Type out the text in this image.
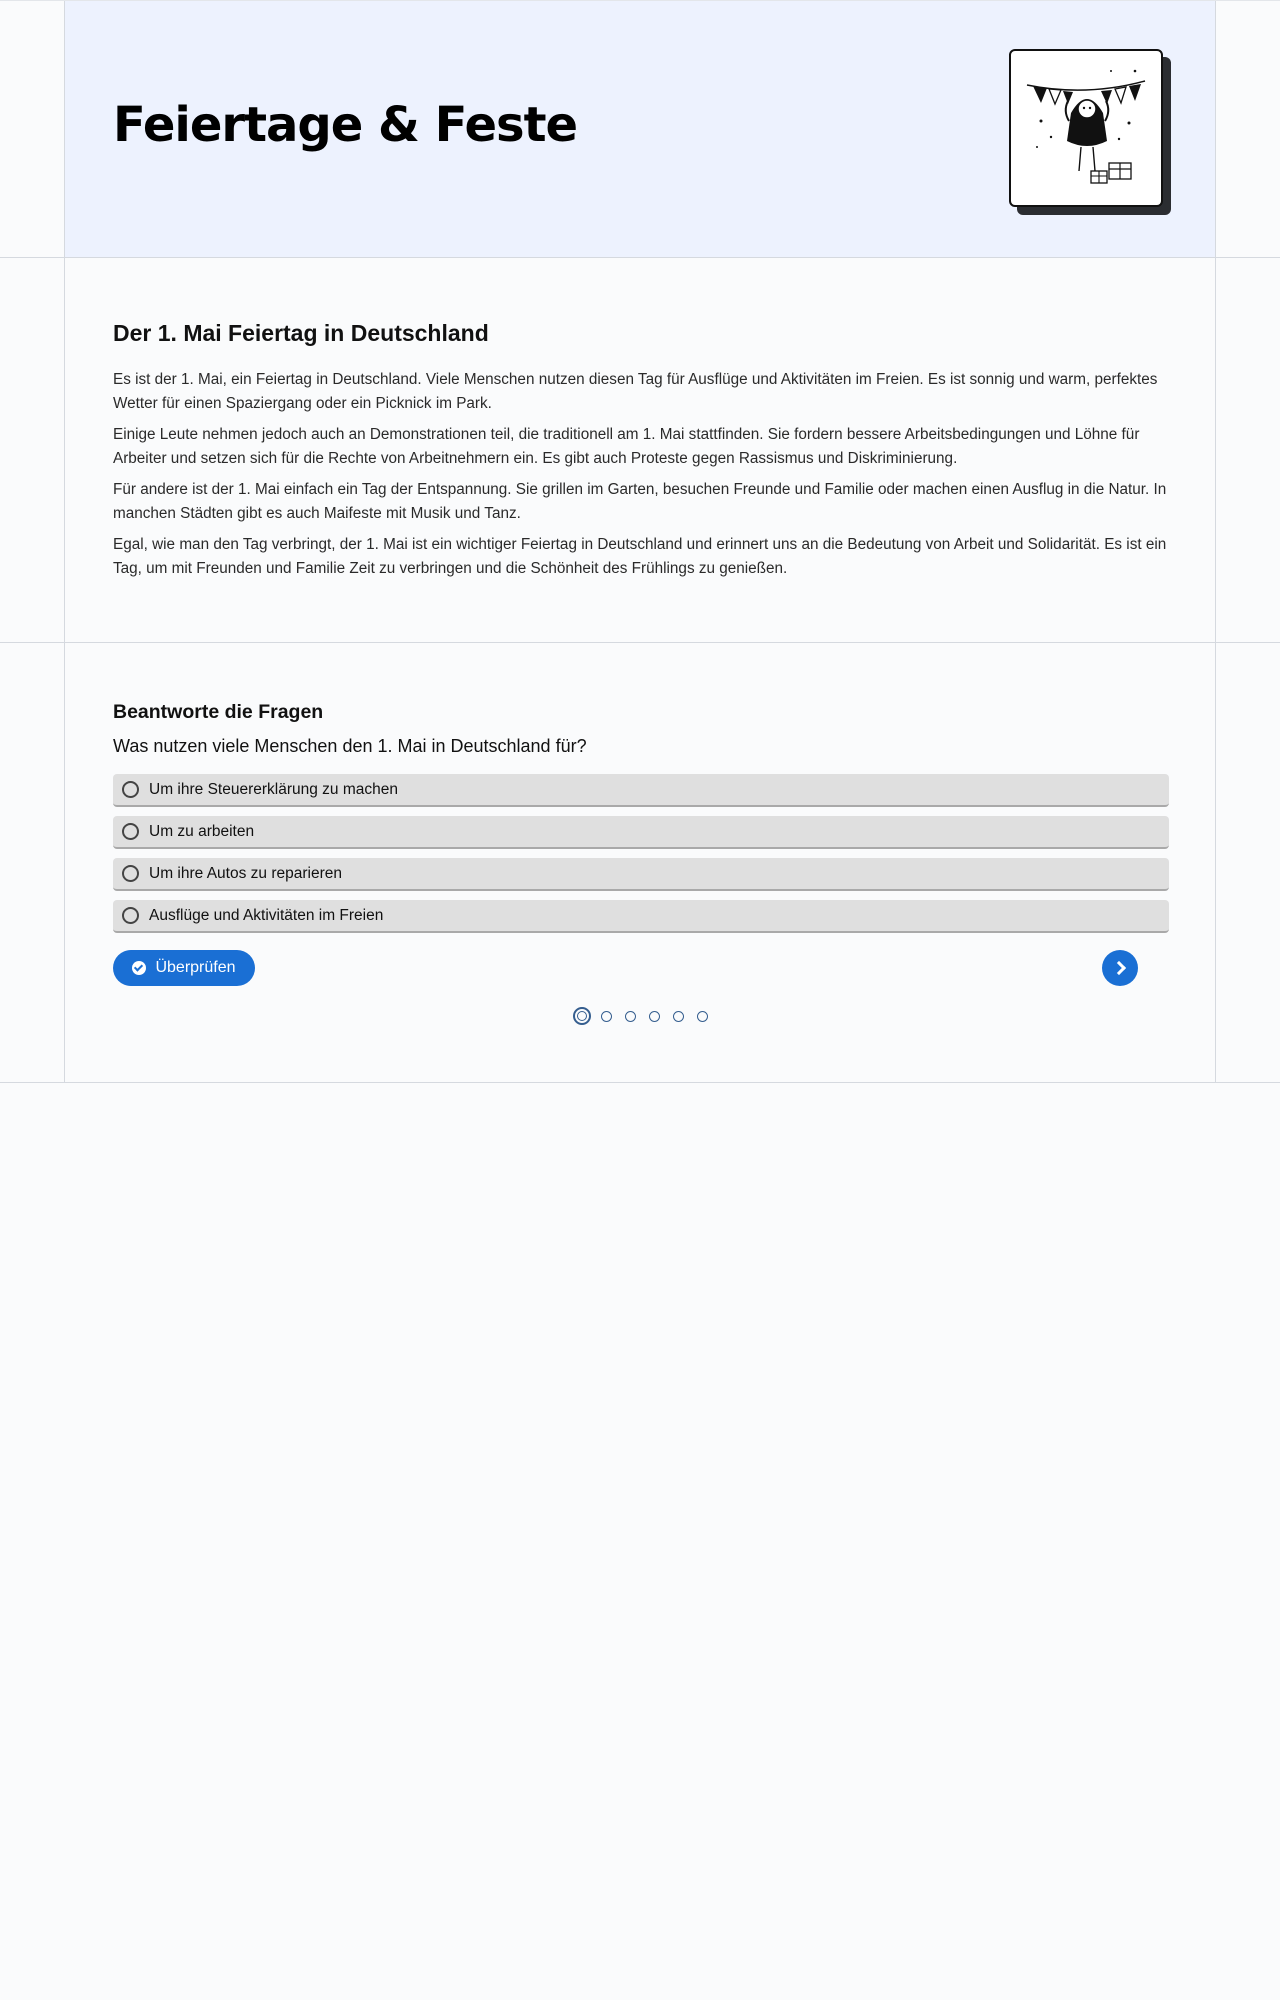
Feiertage & Feste
Der 1. Mai Feiertag in Deutschland

Es ist der 1. Mai, ein Feiertag in Deutschland. Viele Menschen nutzen diesen Tag für Ausflüge und Aktivitäten im Freien. Es ist sonnig und warm, perfektes Wetter für einen Spaziergang oder ein Picknick im Park.

Einige Leute nehmen jedoch auch an Demonstrationen teil, die traditionell am 1. Mai stattfinden. Sie fordern bessere Arbeitsbedingungen und Löhne für Arbeiter und setzen sich für die Rechte von Arbeitnehmern ein. Es gibt auch Proteste gegen Rassismus und Diskriminierung.

Für andere ist der 1. Mai einfach ein Tag der Entspannung. Sie grillen im Garten, besuchen Freunde und Familie oder machen einen Ausflug in die Natur. In manchen Städten gibt es auch Maifeste mit Musik und Tanz.

Egal, wie man den Tag verbringt, der 1. Mai ist ein wichtiger Feiertag in Deutschland und erinnert uns an die Bedeutung von Arbeit und Solidarität. Es ist ein Tag, um mit Freunden und Familie Zeit zu verbringen und die Schönheit des Frühlings zu genießen.

Beantworte die Fragen

Was nutzen viele Menschen den 1. Mai in Deutschland für?

Um ihre Steuererklärung zu machen
Um zu arbeiten
Um ihre Autos zu reparieren
Ausflüge und Aktivitäten im Freien
Überprüfen
